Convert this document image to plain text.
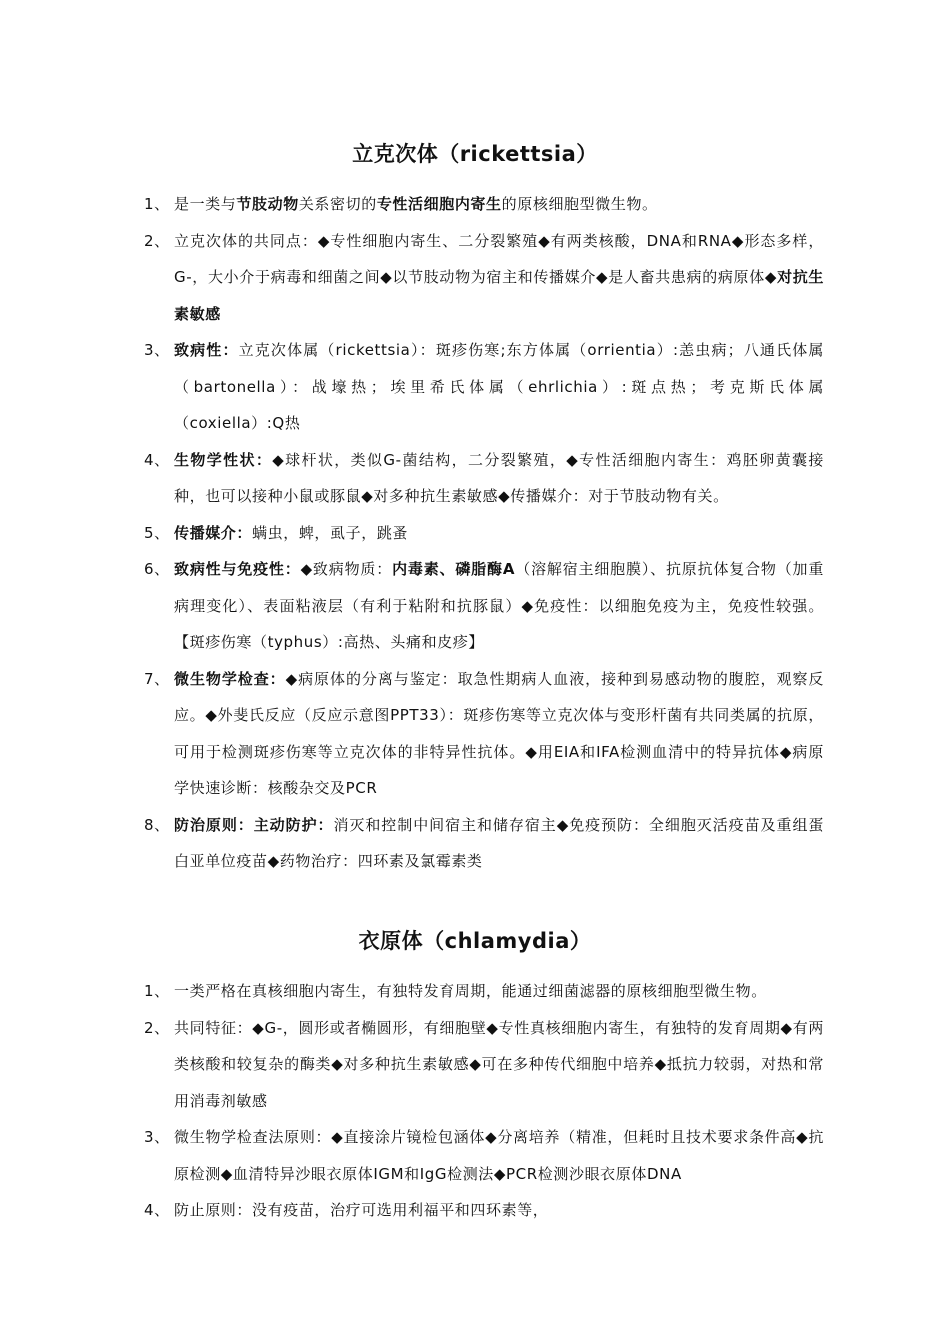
立克次体（rickettsia）
1、 是一类与节肢动物关系密切的专性活细胞内寄生的原核细胞型微生物。
2、 立克次体的共同点：◆专性细胞内寄生、二分裂繁殖◆有两类核酸，DNA和RNA◆形态多样，G-，大小介于病毒和细菌之间◆以节肢动物为宿主和传播媒介◆是人畜共患病的病原体◆对抗生素敏感
3、 致病性：立克次体属（rickettsia）：斑疹伤寒;东方体属（orrientia）:恙虫病；八通氏体属（bartonella）：战壕热；埃里希氏体属（ehrlichia）:斑点热；考克斯氏体属（coxiella）:Q热
4、 生物学性状：◆球杆状，类似G-菌结构，二分裂繁殖，◆专性活细胞内寄生：鸡胚卵黄囊接种，也可以接种小鼠或豚鼠◆对多种抗生素敏感◆传播媒介：对于节肢动物有关。
5、 传播媒介：螨虫，蜱，虱子，跳蚤
6、 致病性与免疫性：◆致病物质：内毒素、磷脂酶A（溶解宿主细胞膜）、抗原抗体复合物（加重病理变化）、表面粘液层（有利于粘附和抗豚鼠）◆免疫性：以细胞免疫为主，免疫性较强。【斑疹伤寒（typhus）:高热、头痛和皮疹】
7、 微生物学检查：◆病原体的分离与鉴定：取急性期病人血液，接种到易感动物的腹腔，观察反应。◆外斐氏反应（反应示意图PPT33）：斑疹伤寒等立克次体与变形杆菌有共同类属的抗原，可用于检测斑疹伤寒等立克次体的非特异性抗体。◆用EIA和IFA检测血清中的特异抗体◆病原学快速诊断：核酸杂交及PCR
8、 防治原则：主动防护：消灭和控制中间宿主和储存宿主◆免疫预防：全细胞灭活疫苗及重组蛋白亚单位疫苗◆药物治疗：四环素及氯霉素类
衣原体（chlamydia）
1、 一类严格在真核细胞内寄生，有独特发育周期，能通过细菌滤器的原核细胞型微生物。
2、 共同特征：◆G-，圆形或者椭圆形，有细胞壁◆专性真核细胞内寄生，有独特的发育周期◆有两类核酸和较复杂的酶类◆对多种抗生素敏感◆可在多种传代细胞中培养◆抵抗力较弱，对热和常用消毒剂敏感
3、 微生物学检查法原则：◆直接涂片镜检包涵体◆分离培养（精准，但耗时且技术要求条件高◆抗原检测◆血清特异沙眼衣原体IGM和IgG检测法◆PCR检测沙眼衣原体DNA
4、 防止原则：没有疫苗，治疗可选用利福平和四环素等，
